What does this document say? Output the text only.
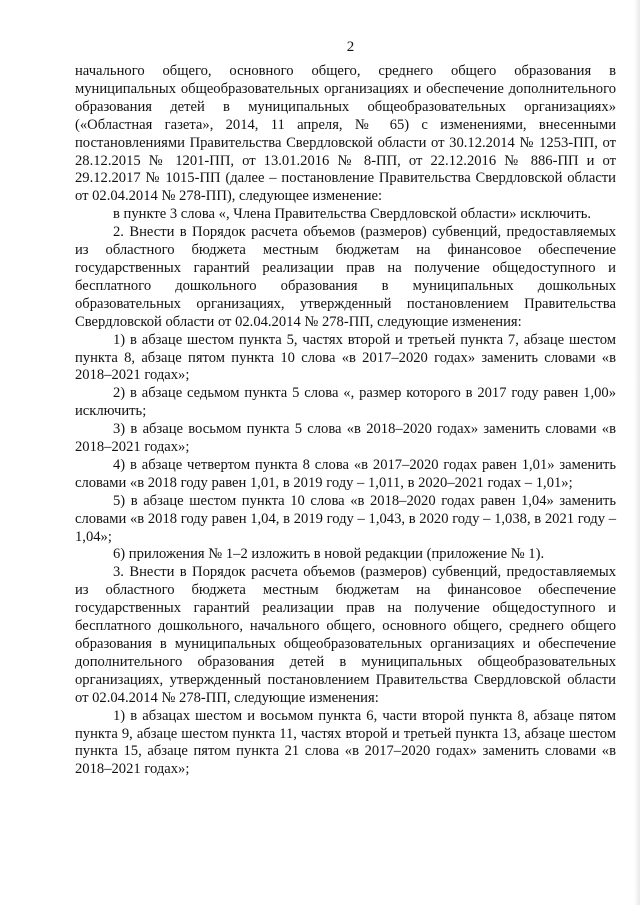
2

начального общего, основного общего, среднего общего образования в муниципальных общеобразовательных организациях и обеспечение дополнительного образования детей в муниципальных общеобразовательных организациях» («Областная газета», 2014, 11 апреля, № 65) с изменениями, внесенными постановлениями Правительства Свердловской области от 30.12.2014 № 1253-ПП, от 28.12.2015 № 1201-ПП, от 13.01.2016 № 8-ПП, от 22.12.2016 № 886-ПП и от 29.12.2017 № 1015-ПП (далее – постановление Правительства Свердловской области от 02.04.2014 № 278-ПП), следующее изменение:

в пункте 3 слова «, Члена Правительства Свердловской области» исключить.

2. Внести в Порядок расчета объемов (размеров) субвенций, предоставляемых из областного бюджета местным бюджетам на финансовое обеспечение государственных гарантий реализации прав на получение общедоступного и бесплатного дошкольного образования в муниципальных дошкольных образовательных организациях, утвержденный постановлением Правительства Свердловской области от 02.04.2014 № 278-ПП, следующие изменения:

1) в абзаце шестом пункта 5, частях второй и третьей пункта 7, абзаце шестом пункта 8, абзаце пятом пункта 10 слова «в 2017–2020 годах» заменить словами «в 2018–2021 годах»;

2) в абзаце седьмом пункта 5 слова «, размер которого в 2017 году равен 1,00» исключить;

3) в абзаце восьмом пункта 5 слова «в 2018–2020 годах» заменить словами «в 2018–2021 годах»;

4) в абзаце четвертом пункта 8 слова «в 2017–2020 годах равен 1,01» заменить словами «в 2018 году равен 1,01, в 2019 году – 1,011, в 2020–2021 годах – 1,01»;

5) в абзаце шестом пункта 10 слова «в 2018–2020 годах равен 1,04» заменить словами «в 2018 году равен 1,04, в 2019 году – 1,043, в 2020 году – 1,038, в 2021 году – 1,04»;

6) приложения № 1–2 изложить в новой редакции (приложение № 1).

3. Внести в Порядок расчета объемов (размеров) субвенций, предоставляемых из областного бюджета местным бюджетам на финансовое обеспечение государственных гарантий реализации прав на получение общедоступного и бесплатного дошкольного, начального общего, основного общего, среднего общего образования в муниципальных общеобразовательных организациях и обеспечение дополнительного образования детей в муниципальных общеобразовательных организациях, утвержденный постановлением Правительства Свердловской области от 02.04.2014 № 278-ПП, следующие изменения:

1) в абзацах шестом и восьмом пункта 6, части второй пункта 8, абзаце пятом пункта 9, абзаце шестом пункта 11, частях второй и третьей пункта 13, абзаце шестом пункта 15, абзаце пятом пункта 21 слова «в 2017–2020 годах» заменить словами «в 2018–2021 годах»;
